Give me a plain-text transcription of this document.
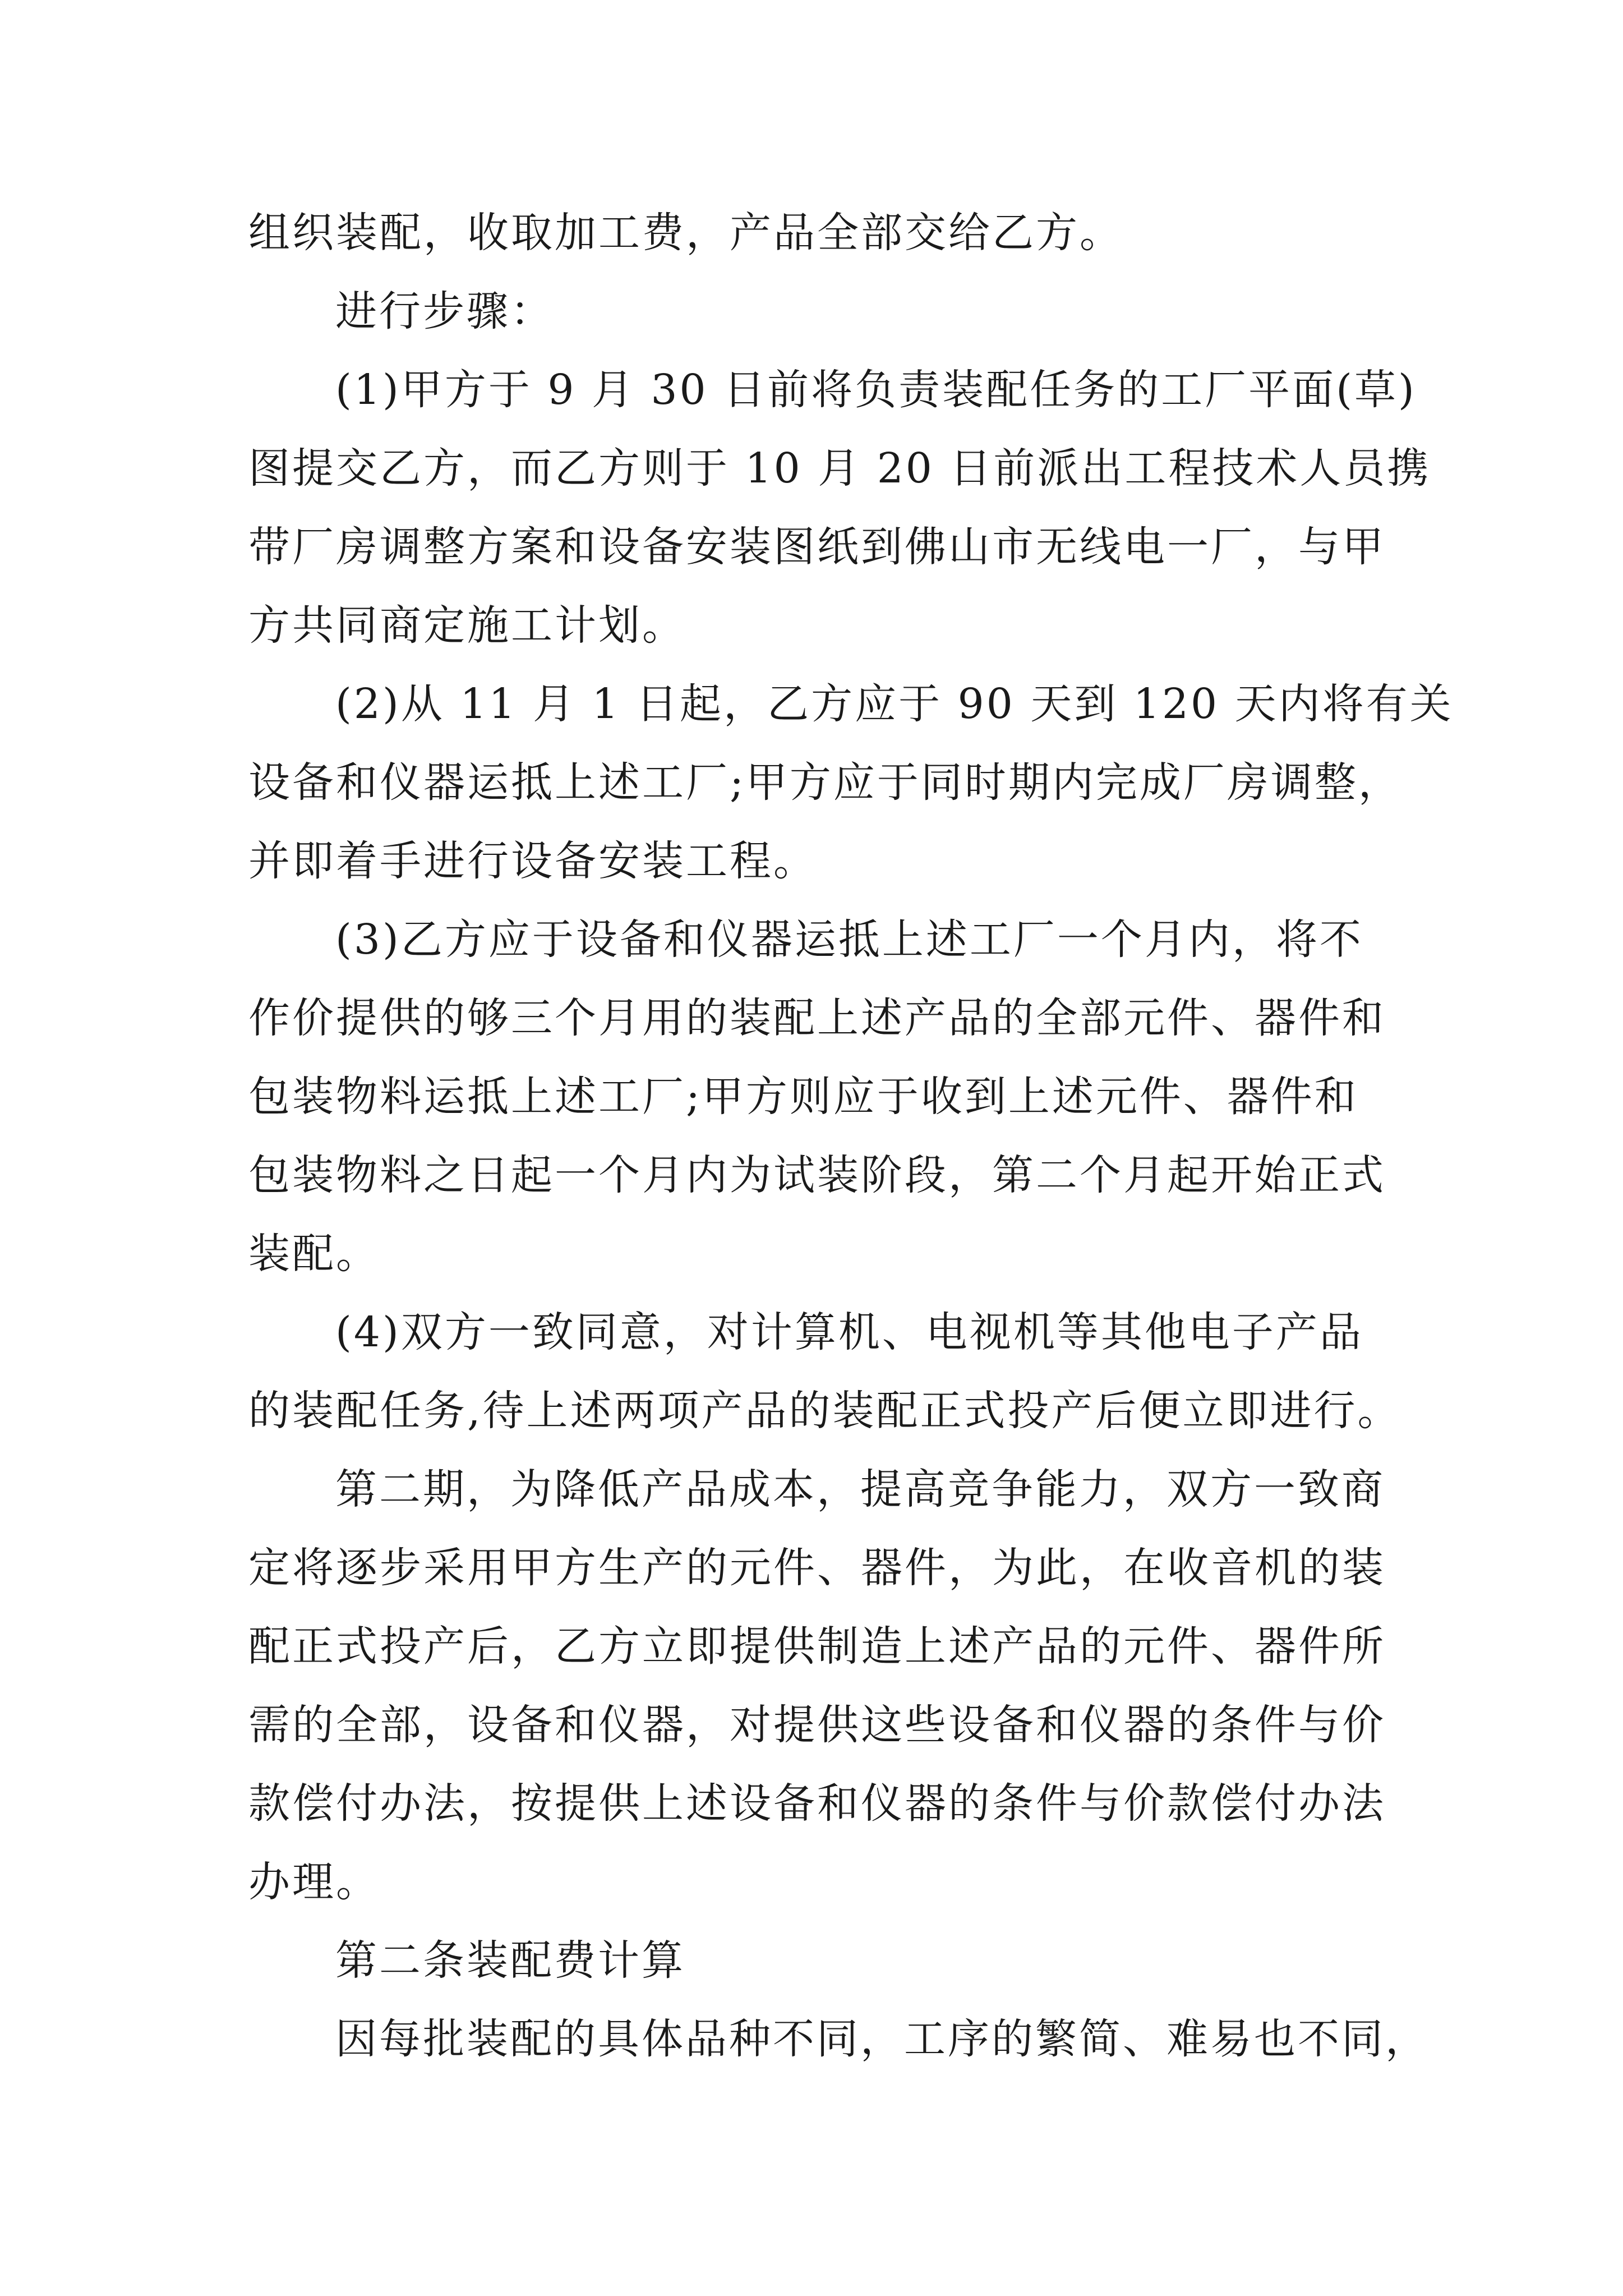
组织装配，收取加工费，产品全部交给乙方。
进行步骤：
(1)甲方于 9 月 30 日前将负责装配任务的工厂平面(草)
图提交乙方，而乙方则于 10 月 20 日前派出工程技术人员携
带厂房调整方案和设备安装图纸到佛山市无线电一厂，与甲
方共同商定施工计划。
(2)从 11 月 1 日起，乙方应于 90 天到 120 天内将有关
设备和仪器运抵上述工厂;甲方应于同时期内完成厂房调整，
并即着手进行设备安装工程。
(3)乙方应于设备和仪器运抵上述工厂一个月内，将不
作价提供的够三个月用的装配上述产品的全部元件、器件和
包装物料运抵上述工厂;甲方则应于收到上述元件、器件和
包装物料之日起一个月内为试装阶段，第二个月起开始正式
装配。
(4)双方一致同意，对计算机、电视机等其他电子产品
的装配任务,待上述两项产品的装配正式投产后便立即进行。
第二期，为降低产品成本，提高竞争能力，双方一致商
定将逐步采用甲方生产的元件、器件，为此，在收音机的装
配正式投产后，乙方立即提供制造上述产品的元件、器件所
需的全部，设备和仪器，对提供这些设备和仪器的条件与价
款偿付办法，按提供上述设备和仪器的条件与价款偿付办法
办理。
第二条装配费计算
因每批装配的具体品种不同，工序的繁简、难易也不同，
